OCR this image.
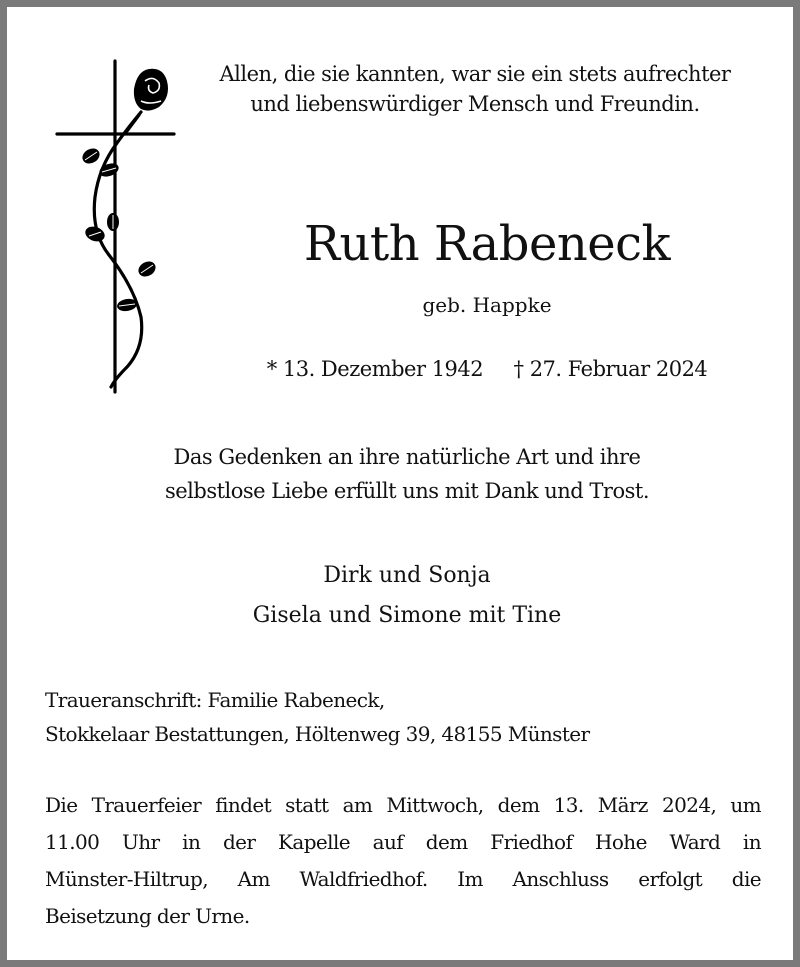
Allen, die sie kannten, war sie ein stets aufrechter
und liebenswürdiger Mensch und Freundin.
Ruth Rabeneck
geb. Happke
* 13. Dezember 1942 † 27. Februar 2024
Das Gedenken an ihre natürliche Art und ihre
selbstlose Liebe erfüllt uns mit Dank und Trost.
Dirk und Sonja
Gisela und Simone mit Tine
Traueranschrift: Familie Rabeneck,
Stokkelaar Bestattungen, Höltenweg 39, 48155 Münster
Die Trauerfeier findet statt am Mittwoch, dem 13. März 2024, um
11.00 Uhr in der Kapelle auf dem Friedhof Hohe Ward in
Münster-Hiltrup, Am Waldfriedhof. Im Anschluss erfolgt die
Beisetzung der Urne.
